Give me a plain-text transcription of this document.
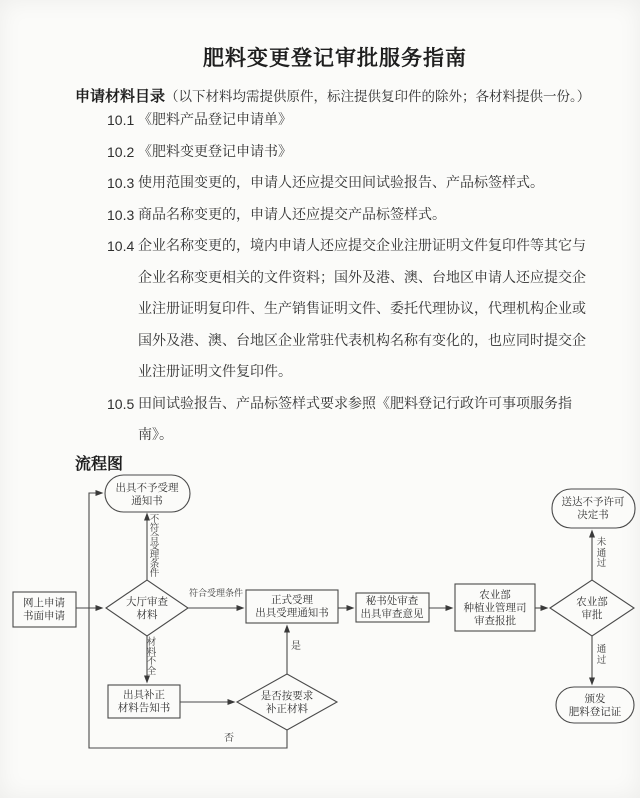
肥料变更登记审批服务指南
申请材料目录（以下材料均需提供原件，标注提供复印件的除外；各材料提供一份。）
10.1 《肥料产品登记申请单》
10.2 《肥料变更登记申请书》
10.3 使用范围变更的，申请人还应提交田间试验报告、产品标签样式。
10.3 商品名称变更的，申请人还应提交产品标签样式。
10.4 企业名称变更的，境内申请人还应提交企业注册证明文件复印件等其它与
企业名称变更相关的文件资料；国外及港、澳、台地区申请人还应提交企
业注册证明复印件、生产销售证明文件、委托代理协议，代理机构企业或
国外及港、澳、台地区企业常驻代表机构名称有变化的，也应同时提交企
业注册证明文件复印件。
10.5 田间试验报告、产品标签样式要求参照《肥料登记行政许可事项服务指
南》。
流程图
出具不予受理
通知书	送达不予许可
决定书
网上申请
书面申请
大厅审查
材料
正式受理
出具受理通知书
秘书处审查
出具审查意见
农业部
种植业管理司
审查报批
农业部
审批
颁发
肥料登记证
出具补正
材料告知书
是否按要求
补正材料
不符合受理条件
符合受理条件
材料不全
是
否
未通过
通过
